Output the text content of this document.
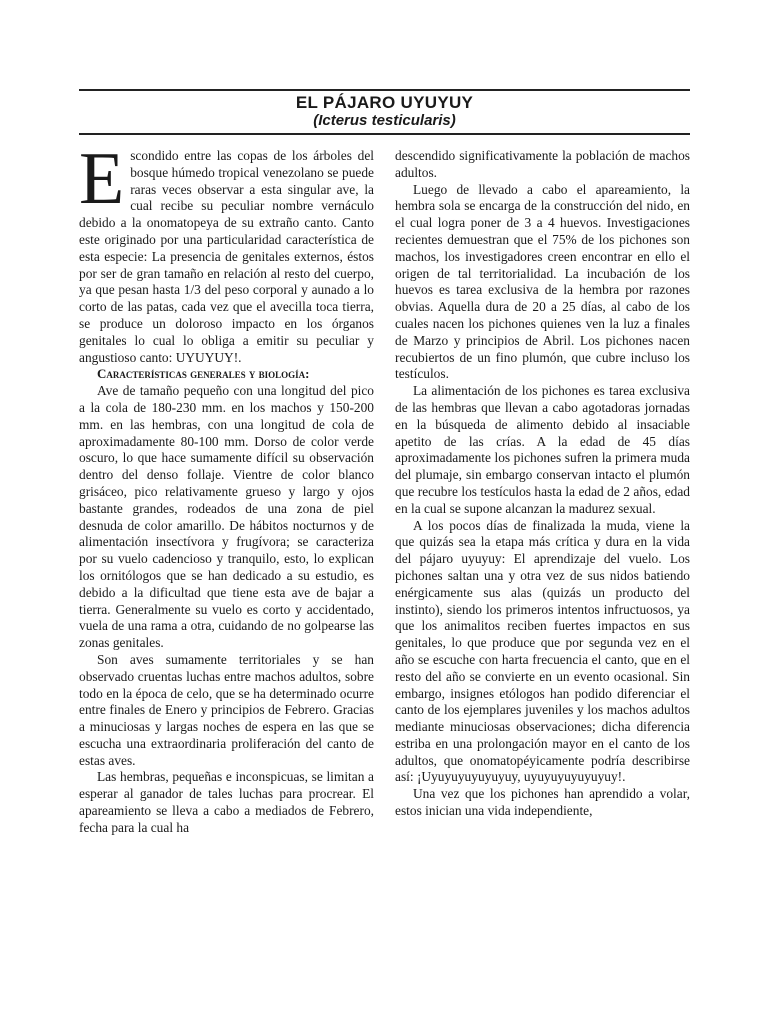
EL PÁJARO UYUYUY
(Icterus testicularis)

Escondido entre las copas de los árboles del bosque húmedo tropical venezolano se puede raras veces observar a esta singular ave, la cual recibe su peculiar nombre vernáculo debido a la onomatopeya de su extraño canto. Canto este originado por una particularidad característica de esta especie: La presencia de genitales externos, éstos por ser de gran tamaño en relación al resto del cuerpo, ya que pesan hasta 1/3 del peso corporal y aunado a lo corto de las patas, cada vez que el avecilla toca tierra, se produce un doloroso impacto en los órganos genitales lo cual lo obliga a emitir su peculiar y angustioso canto: UYUYUY!.

Características generales y biología:

Ave de tamaño pequeño con una longitud del pico a la cola de 180-230 mm. en los machos y 150-200 mm. en las hembras, con una longitud de cola de aproximadamente 80-100 mm. Dorso de color verde oscuro, lo que hace sumamente difícil su observación dentro del denso follaje. Vientre de color blanco grisáceo, pico relativamente grueso y largo y ojos bastante grandes, rodeados de una zona de piel desnuda de color amarillo. De hábitos nocturnos y de alimentación insectívora y frugívora; se caracteriza por su vuelo cadencioso y tranquilo, esto, lo explican los ornitólogos que se han dedicado a su estudio, es debido a la dificultad que tiene esta ave de bajar a tierra. Generalmente su vuelo es corto y accidentado, vuela de una rama a otra, cuidando de no golpearse las zonas genitales.

Son aves sumamente territoriales y se han observado cruentas luchas entre machos adultos, sobre todo en la época de celo, que se ha determinado ocurre entre finales de Enero y principios de Febrero. Gracias a minuciosas y largas noches de espera en las que se escucha una extraordinaria proliferación del canto de estas aves.

Las hembras, pequeñas e inconspicuas, se limitan a esperar al ganador de tales luchas para procrear. El apareamiento se lleva a cabo a mediados de Febrero, fecha para la cual ha

descendido significativamente la población de machos adultos.

Luego de llevado a cabo el apareamiento, la hembra sola se encarga de la construcción del nido, en el cual logra poner de 3 a 4 huevos. Investigaciones recientes demuestran que el 75% de los pichones son machos, los investigadores creen encontrar en ello el origen de tal territorialidad. La incubación de los huevos es tarea exclusiva de la hembra por razones obvias. Aquella dura de 20 a 25 días, al cabo de los cuales nacen los pichones quienes ven la luz a finales de Marzo y principios de Abril. Los pichones nacen recubiertos de un fino plumón, que cubre incluso los testículos.

La alimentación de los pichones es tarea exclusiva de las hembras que llevan a cabo agotadoras jornadas en la búsqueda de alimento debido al insaciable apetito de las crías. A la edad de 45 días aproximadamente los pichones sufren la primera muda del plumaje, sin embargo conservan intacto el plumón que recubre los testículos hasta la edad de 2 años, edad en la cual se supone alcanzan la madurez sexual.

A los pocos días de finalizada la muda, viene la que quizás sea la etapa más crítica y dura en la vida del pájaro uyuyuy: El aprendizaje del vuelo. Los pichones saltan una y otra vez de sus nidos batiendo enérgicamente sus alas (quizás un producto del instinto), siendo los primeros intentos infructuosos, ya que los animalitos reciben fuertes impactos en sus genitales, lo que produce que por segunda vez en el año se escuche con harta frecuencia el canto, que en el resto del año se convierte en un evento ocasional. Sin embargo, insignes etólogos han podido diferenciar el canto de los ejemplares juveniles y los machos adultos mediante minuciosas observaciones; dicha diferencia estriba en una prolongación mayor en el canto de los adultos, que onomatopéyicamente podría describirse así: ¡Uyuyuyuyuyuyuy, uyuyuyuyuyuyuy!.

Una vez que los pichones han aprendido a volar, estos inician una vida independiente,
